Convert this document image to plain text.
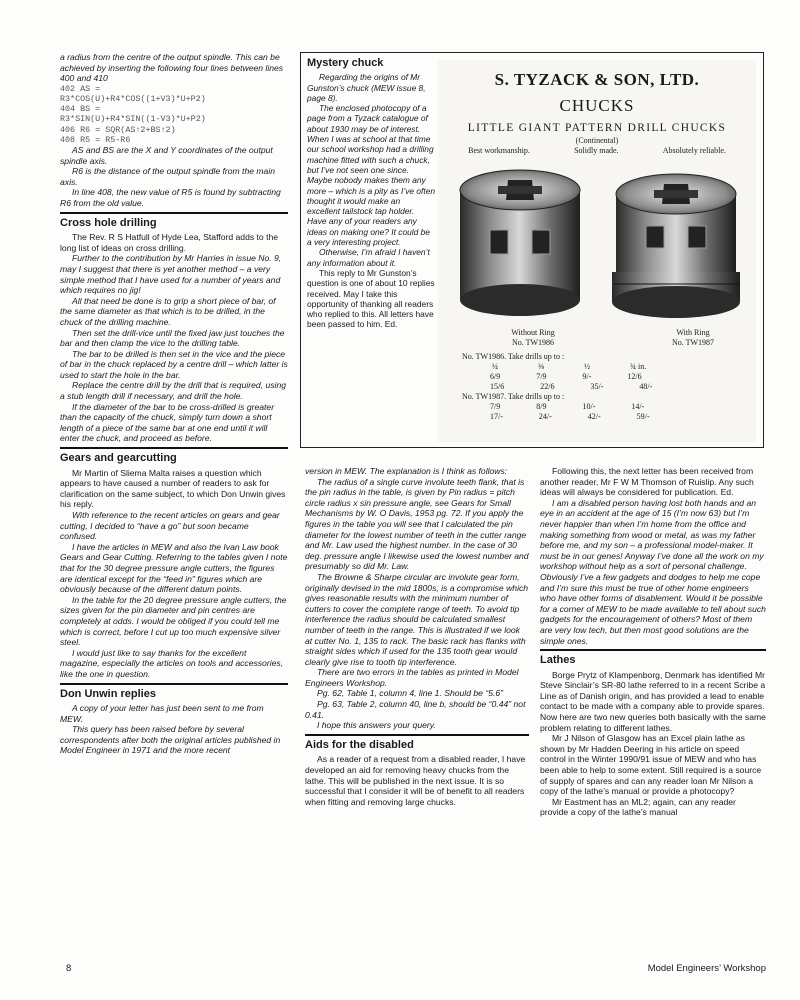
a radius from the centre of the output spindle. This can be achieved by inserting the following four lines between lines 400 and 410

402 AS =

R3*COS(U)+R4*COS((1+V3)*U+P2)

404 BS =

R3*SIN(U)+R4*SIN((1-V3)*U+P2)

406 R6 = SQR(AS↑2+BS↑2)

408 R5 = R5-R6

AS and BS are the X and Y coordinates of the output spindle axis.

R6 is the distance of the output spindle from the main axis.

In line 408, the new value of R5 is found by subtracting R6 from the old value.

Cross hole drilling

The Rev. R S Hatfull of Hyde Lea, Stafford adds to the long list of ideas on cross drilling.

Further to the contribution by Mr Harries in issue No. 9, may I suggest that there is yet another method – a very simple method that I have used for a number of years and which requires no jig!

All that need be done is to grip a short piece of bar, of the same diameter as that which is to be drilled, in the chuck of the drilling machine.

Then set the drill-vice until the fixed jaw just touches the bar and then clamp the vice to the drilling table.

The bar to be drilled is then set in the vice and the piece of bar in the chuck replaced by a centre drill – which latter is used to start the hole in the bar.

Replace the centre drill by the drill that is required, using a stub length drill if necessary, and drill the hole.

If the diameter of the bar to be cross-drilled is greater than the capacity of the chuck, simply turn down a short length of a piece of the same bar at one end until it will enter the chuck, and proceed as before.

Gears and gearcutting

Mr Martin of Sliema Malta raises a question which appears to have caused a number of readers to ask for clarification on the same subject, to which Don Unwin gives his reply.

With reference to the recent articles on gears and gear cutting, I decided to “have a go” but soon became confused.

I have the articles in MEW and also the Ivan Law book Gears and Gear Cutting. Referring to the tables given I note that for the 30 degree pressure angle cutters, the figures are identical except for the “feed in” figures which are obviously because of the different datum points.

In the table for the 20 degree pressure angle cutters, the sizes given for the pin diameter and pin centres are completely at odds. I would be obliged if you could tell me which is correct, before I cut up too much expensive silver steel.

I would just like to say thanks for the excellent magazine, especially the articles on tools and accessories, like the one in question.

Don Unwin replies

A copy of your letter has just been sent to me from MEW.

This query has been raised before by several correspondents after both the original articles published in Model Engineer in 1971 and the more recent

Mystery chuck

Regarding the origins of Mr Gunston’s chuck (MEW issue 8, page 8).

The enclosed photocopy of a page from a Tyzack catalogue of about 1930 may be of interest. When I was at school at that time our school workshop had a drilling machine fitted with such a chuck, but I’ve not seen one since. Maybe nobody makes them any more – which is a pity as I’ve often thought it would make an excellent tailstock tap holder. Have any of your readers any ideas on making one? It could be a very interesting project.

Otherwise, I’m afraid I haven’t any information about it.

This reply to Mr Gunston’s question is one of about 10 replies received. May I take this opportunity of thanking all readers who replied to this. All letters have been passed to him. Ed.

S. TYZACK & SON, LTD.
CHUCKS
LITTLE GIANT PATTERN DRILL CHUCKS
(Continental)
Best workmanship.	Solidly made.	Absolutely reliable.
Without Ring
No. TW1986
With Ring
No. TW1987
No. TW1986. Take drills up to :
¼	⅜	½	¾ in.
6/9	7/9	9/-	12/6
15/6	22/6	35/-	48/-
No. TW1987. Take drills up to :
7/9	8/9	10/-	14/-
17/-	24/-	42/-	59/-

version in MEW. The explanation is I think as follows:

The radius of a single curve involute teeth flank, that is the pin radius in the table, is given by Pin radius = pitch circle radius x sin pressure angle, see Gears for Small Mechanisms by W. O Davis, 1953 pg. 72. If you apply the figures in the table you will see that I calculated the pin diameter for the lowest number of teeth in the cutter range and Mr. Law used the highest number. In the case of 30 deg. pressure angle I likewise used the lowest number and presumably so did Mr. Law.

The Browne & Sharpe circular arc involute gear form, originally devised in the mid 1800s, is a compromise which gives reasonable results with the minimum number of cutters to cover the complete range of teeth. To avoid tip interference the radius should be calculated smallest number of teeth in the range. This is illustrated if we look at cutter No. 1, 135 to rack. The basic rack has flanks with straight sides which if used for the 135 tooth gear would clearly give rise to tooth tip interference.

There are two errors in the tables as printed in Model Engineers Workshop.

Pg. 62, Table 1, column 4, line 1. Should be “5.6”

Pg. 63, Table 2, column 40, line b, should be “0.44” not 0.41.

I hope this answers your query.

Aids for the disabled

As a reader of a request from a disabled reader, I have developed an aid for removing heavy chucks from the lathe. This will be published in the next issue. It is so successful that I consider it will be of benefit to all readers when fitting and removing large chucks.

Following this, the next letter has been received from another reader, Mr F W M Thomson of Ruislip. Any such ideas will always be considered for publication. Ed.

I am a disabled person having lost both hands and an eye in an accident at the age of 15 (I’m now 63) but I’m never happier than when I’m home from the office and making something from wood or metal, as was my father before me, and my son – a professional model-maker. It must be in our genes! Anyway I’ve done all the work on my workshop without help as a sort of personal challenge. Obviously I’ve a few gadgets and dodges to help me cope and I’m sure this must be true of other home engineers who have other forms of disablement. Would it be possible for a corner of MEW to be made available to tell about such gadgets for the encouragement of others? Most of them are very low tech, but then most good solutions are the simple ones.

Lathes

Borge Prytz of Klampenborg, Denmark has identified Mr Steve Sinclair’s SR-80 lathe referred to in a recent Scribe a Line as of Danish origin, and has provided a lead to enable contact to be made with a company able to provide spares. Now here are two new queries both basically with the same problem relating to different lathes.

Mr J Nilson of Glasgow has an Excel plain lathe as shown by Mr Hadden Deering in his article on speed control in the Winter 1990/91 issue of MEW and who has been able to help to some extent. Still required is a source of supply of spares and can any reader loan Mr Nilson a copy of the lathe’s manual or provide a photocopy?

Mr Eastment has an ML2; again, can any reader provide a copy of the lathe’s manual

8	Model Engineers’ Workshop
